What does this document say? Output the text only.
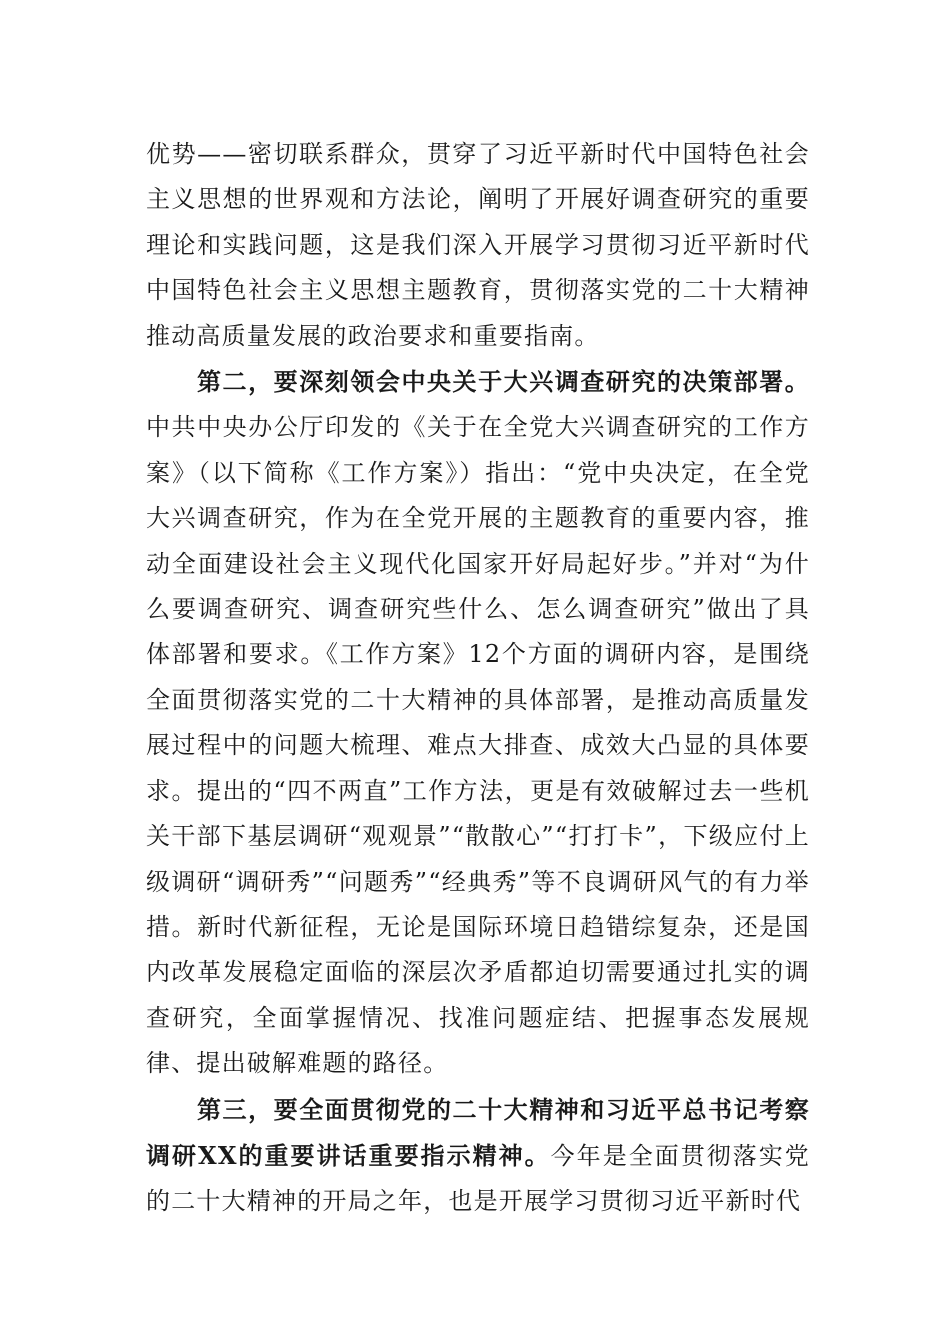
优势——密切联系群众，贯穿了习近平新时代中国特色社会主义思想的世界观和方法论，阐明了开展好调查研究的重要理论和实践问题，这是我们深入开展学习贯彻习近平新时代中国特色社会主义思想主题教育，贯彻落实党的二十大精神推动高质量发展的政治要求和重要指南。

第二，要深刻领会中央关于大兴调查研究的决策部署。中共中央办公厅印发的《关于在全党大兴调查研究的工作方案》（以下简称《工作方案》）指出：“党中央决定，在全党大兴调查研究，作为在全党开展的主题教育的重要内容，推动全面建设社会主义现代化国家开好局起好步。”并对“为什么要调查研究、调查研究些什么、怎么调查研究”做出了具体部署和要求。《工作方案》12个方面的调研内容，是围绕全面贯彻落实党的二十大精神的具体部署，是推动高质量发展过程中的问题大梳理、难点大排查、成效大凸显的具体要求。提出的“四不两直”工作方法，更是有效破解过去一些机关干部下基层调研“观观景”“散散心”“打打卡”，下级应付上级调研“调研秀”“问题秀”“经典秀”等不良调研风气的有力举措。新时代新征程，无论是国际环境日趋错综复杂，还是国内改革发展稳定面临的深层次矛盾都迫切需要通过扎实的调查研究，全面掌握情况、找准问题症结、把握事态发展规律、提出破解难题的路径。

第三，要全面贯彻党的二十大精神和习近平总书记考察调研XX的重要讲话重要指示精神。今年是全面贯彻落实党的二十大精神的开局之年，也是开展学习贯彻习近平新时代
